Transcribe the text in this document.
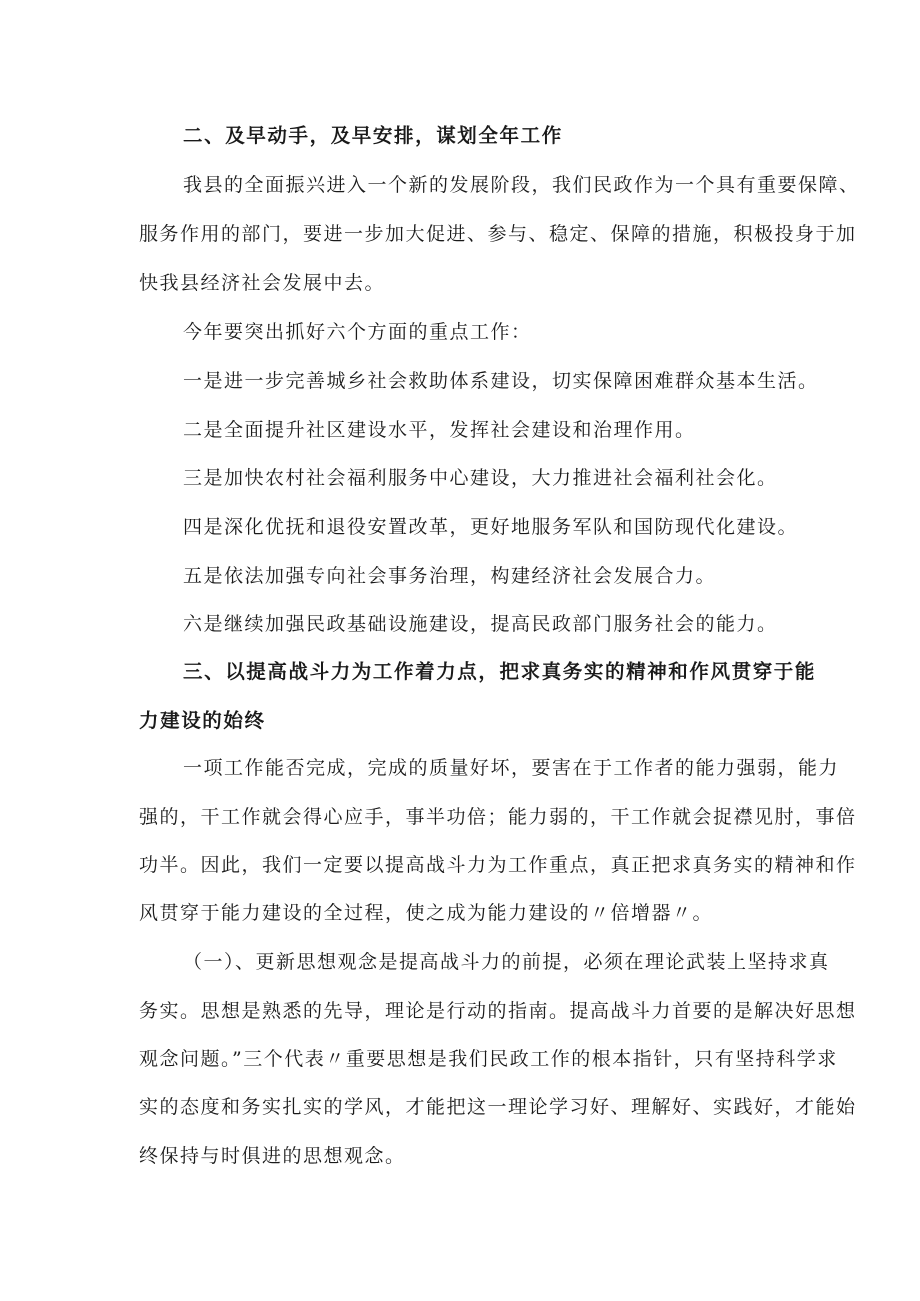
二、及早动手，及早安排，谋划全年工作
我县的全面振兴进入一个新的发展阶段，我们民政作为一个具有重要保障、
服务作用的部门，要进一步加大促进、参与、稳定、保障的措施，积极投身于加
快我县经济社会发展中去。
今年要突出抓好六个方面的重点工作：
一是进一步完善城乡社会救助体系建设，切实保障困难群众基本生活。
二是全面提升社区建设水平，发挥社会建设和治理作用。
三是加快农村社会福利服务中心建设，大力推进社会福利社会化。
四是深化优抚和退役安置改革，更好地服务军队和国防现代化建设。
五是依法加强专向社会事务治理，构建经济社会发展合力。
六是继续加强民政基础设施建设，提高民政部门服务社会的能力。
三、以提高战斗力为工作着力点，把求真务实的精神和作风贯穿于能
力建设的始终
一项工作能否完成，完成的质量好坏，要害在于工作者的能力强弱，能力
强的，干工作就会得心应手，事半功倍；能力弱的，干工作就会捉襟见肘，事倍
功半。因此，我们一定要以提高战斗力为工作重点，真正把求真务实的精神和作
风贯穿于能力建设的全过程，使之成为能力建设的〃倍增器〃。
（一）、更新思想观念是提高战斗力的前提，必须在理论武装上坚持求真
务实。思想是熟悉的先导，理论是行动的指南。提高战斗力首要的是解决好思想
观念问题。”三个代表〃重要思想是我们民政工作的根本指针，只有坚持科学求
实的态度和务实扎实的学风，才能把这一理论学习好、理解好、实践好，才能始
终保持与时俱进的思想观念。
